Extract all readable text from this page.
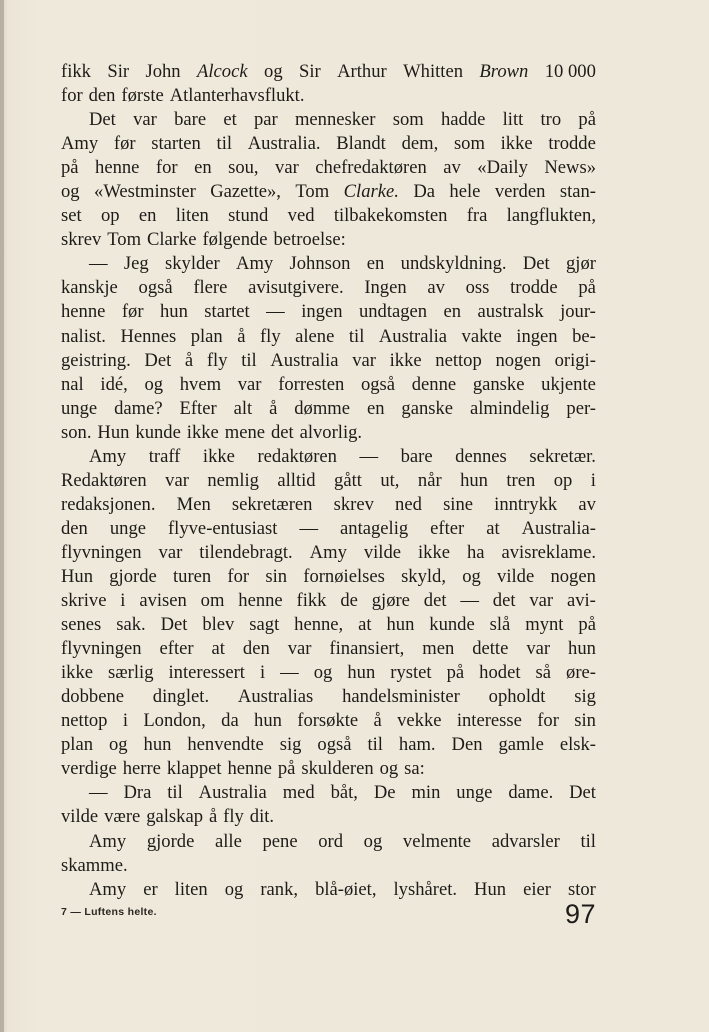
fikk Sir John Alcock og Sir Arthur Whitten Brown 10 000
for den første Atlanterhavsflukt.
Det var bare et par mennesker som hadde litt tro på
Amy før starten til Australia. Blandt dem, som ikke trodde
på henne for en sou, var chefredaktøren av «Daily News»
og «Westminster Gazette», Tom Clarke. Da hele verden stan-
set op en liten stund ved tilbakekomsten fra langflukten,
skrev Tom Clarke følgende betroelse:
— Jeg skylder Amy Johnson en undskyldning. Det gjør
kanskje også flere avisutgivere. Ingen av oss trodde på
henne før hun startet — ingen undtagen en australsk jour-
nalist. Hennes plan å fly alene til Australia vakte ingen be-
geistring. Det å fly til Australia var ikke nettop nogen origi-
nal idé, og hvem var forresten også denne ganske ukjente
unge dame? Efter alt å dømme en ganske almindelig per-
son. Hun kunde ikke mene det alvorlig.
Amy traff ikke redaktøren — bare dennes sekretær.
Redaktøren var nemlig alltid gått ut, når hun tren op i
redaksjonen. Men sekretæren skrev ned sine inntrykk av
den unge flyve-entusiast — antagelig efter at Australia-
flyvningen var tilendebragt. Amy vilde ikke ha avisreklame.
Hun gjorde turen for sin fornøielses skyld, og vilde nogen
skrive i avisen om henne fikk de gjøre det — det var avi-
senes sak. Det blev sagt henne, at hun kunde slå mynt på
flyvningen efter at den var finansiert, men dette var hun
ikke særlig interessert i — og hun rystet på hodet så øre-
dobbene dinglet. Australias handelsminister opholdt sig
nettop i London, da hun forsøkte å vekke interesse for sin
plan og hun henvendte sig også til ham. Den gamle elsk-
verdige herre klappet henne på skulderen og sa:
— Dra til Australia med båt, De min unge dame. Det
vilde være galskap å fly dit.
Amy gjorde alle pene ord og velmente advarsler til
skamme.
Amy er liten og rank, blå-øiet, lyshåret. Hun eier stor
7 — Luftens helte.	97
